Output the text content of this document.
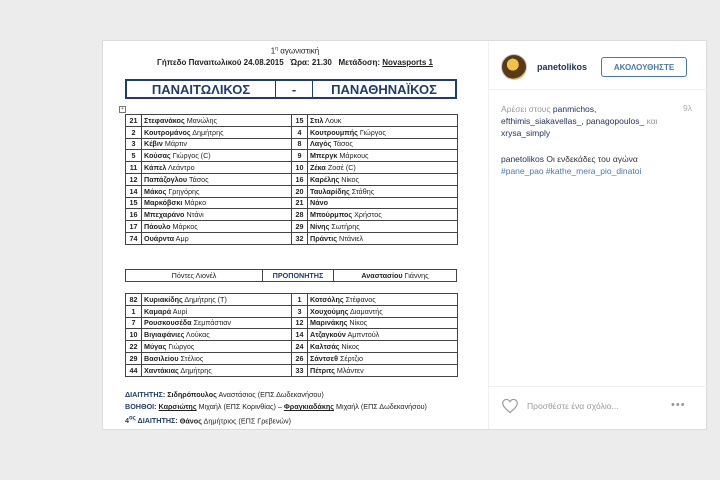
$1^\eta$ αγωνιστική
Γήπεδο Παναιτωλικού 24.08.2015 Ώρα: 21.30 Μετάδοση: Novasports 1
ΠΑΝΑΙΤΩΛΙΚΟΣ	-	ΠΑΝΑΘΗΝΑΪΚΟΣ
+
21	Στεφανάκος Μανώλης	15	Στιλ Λουκ
2	Κουτρομάνος Δημήτρης	4	Κουτρουμπής Γιώργος
3	Κέβιν Μάρτιν	8	Λαγός Τάσος
5	Κούσας Γιώργος (C)	9	Μπεργκ Μάρκους
11	Κάπελ Λεάντρο	10	Ζέκα Ζοσέ (C)
12	Παπάζογλου Τάσος	16	Καρέλης Νίκος
14	Μάκος Γρηγόρης	20	Ταυλαρίδης Στάθης
15	Μαρκόβσκι Μάρκο	21	Νάνο
16	Μπεχαράνο Ντάνι	28	Μπούρμπος Χρήστος
17	Πάουλο Μάρκος	29	Νίνης Σωτήρης
74	Ουάρντα Αμρ	32	Πράντις Ντάνιελ
Πόντες Λιονέλ	ΠΡΟΠΟΝΗΤΗΣ	Αναστασίου
Γιάννης
82	Κυριακίδης Δημήτρης (Τ)	1	Κοτσόλης Στέφανος
1	Καμαρά Αυρί	3	Χουχούμης Διαμαντής
7	Ρουσκουσέδα Σεμπάστιαν	12	Μαρινάκης Νίκος
10	Βιγιαφάνιες Λούκας	14	Ατζαγκούν Αμπντούλ
22	Μύγας Γιώργος	24	Καλτσάς Νίκος
29	Βασιλείου Στέλιος	26	Σάντσεθ Σέρτζιο
44	Χαντάκιας Δημήτρης	33	Πέτριτς Μλάντεν
ΔΙΑΙΤΗΤΗΣ: Σιδηρόπουλος Αναστάσιος (ΕΠΣ Δωδεκανήσου)
ΒΟΗΘΟΙ: Καρσιώτης Μιχαήλ (ΕΠΣ Κορινθίας) – Φραγκιαδάκης Μιχαήλ (ΕΠΣ Δωδεκανήσου)
$4^{o\varsigma}$ ΔΙΑΙΤΗΤΗΣ: Θάνος Δημήτριος (ΕΠΣ Γρεβενών)
panetolikos	ΑΚΟΛΟΥΘΗΣΤΕ
Αρέσει στους panmichos, efthimis_siakavellas_, panagopoulos_ και xrysa_simply
9λ
panetolikos Οι ενδεκάδες του αγώνα
#pane_pao #kathe_mera_pio_dinatoi
Προσθέστε ένα σχόλιο...	•••
